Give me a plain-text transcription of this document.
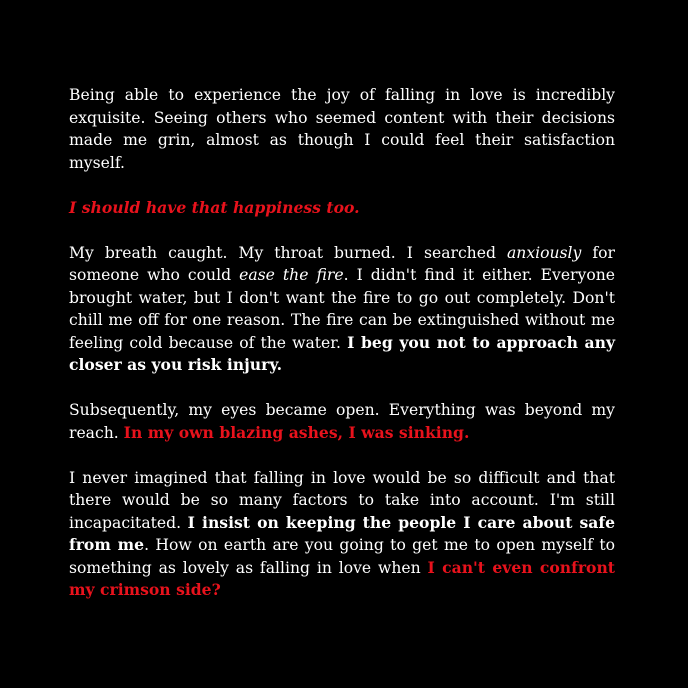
Being able to experience the joy of falling in love is incredibly exquisite. Seeing others who seemed content with their decisions made me grin, almost as though I could feel their satisfaction myself.

I should have that happiness too.

My breath caught. My throat burned. I searched anxiously for someone who could ease the fire. I didn't find it either. Everyone brought water, but I don't want the fire to go out completely. Don't chill me off for one reason. The fire can be extinguished without me feeling cold because of the water. I beg you not to approach any closer as you risk injury.

Subsequently, my eyes became open. Everything was beyond my reach. In my own blazing ashes, I was sinking.

I never imagined that falling in love would be so difficult and that there would be so many factors to take into account. I'm still incapacitated. I insist on keeping the people I care about safe from me. How on earth are you going to get me to open myself to something as lovely as falling in love when I can't even confront my crimson side?
